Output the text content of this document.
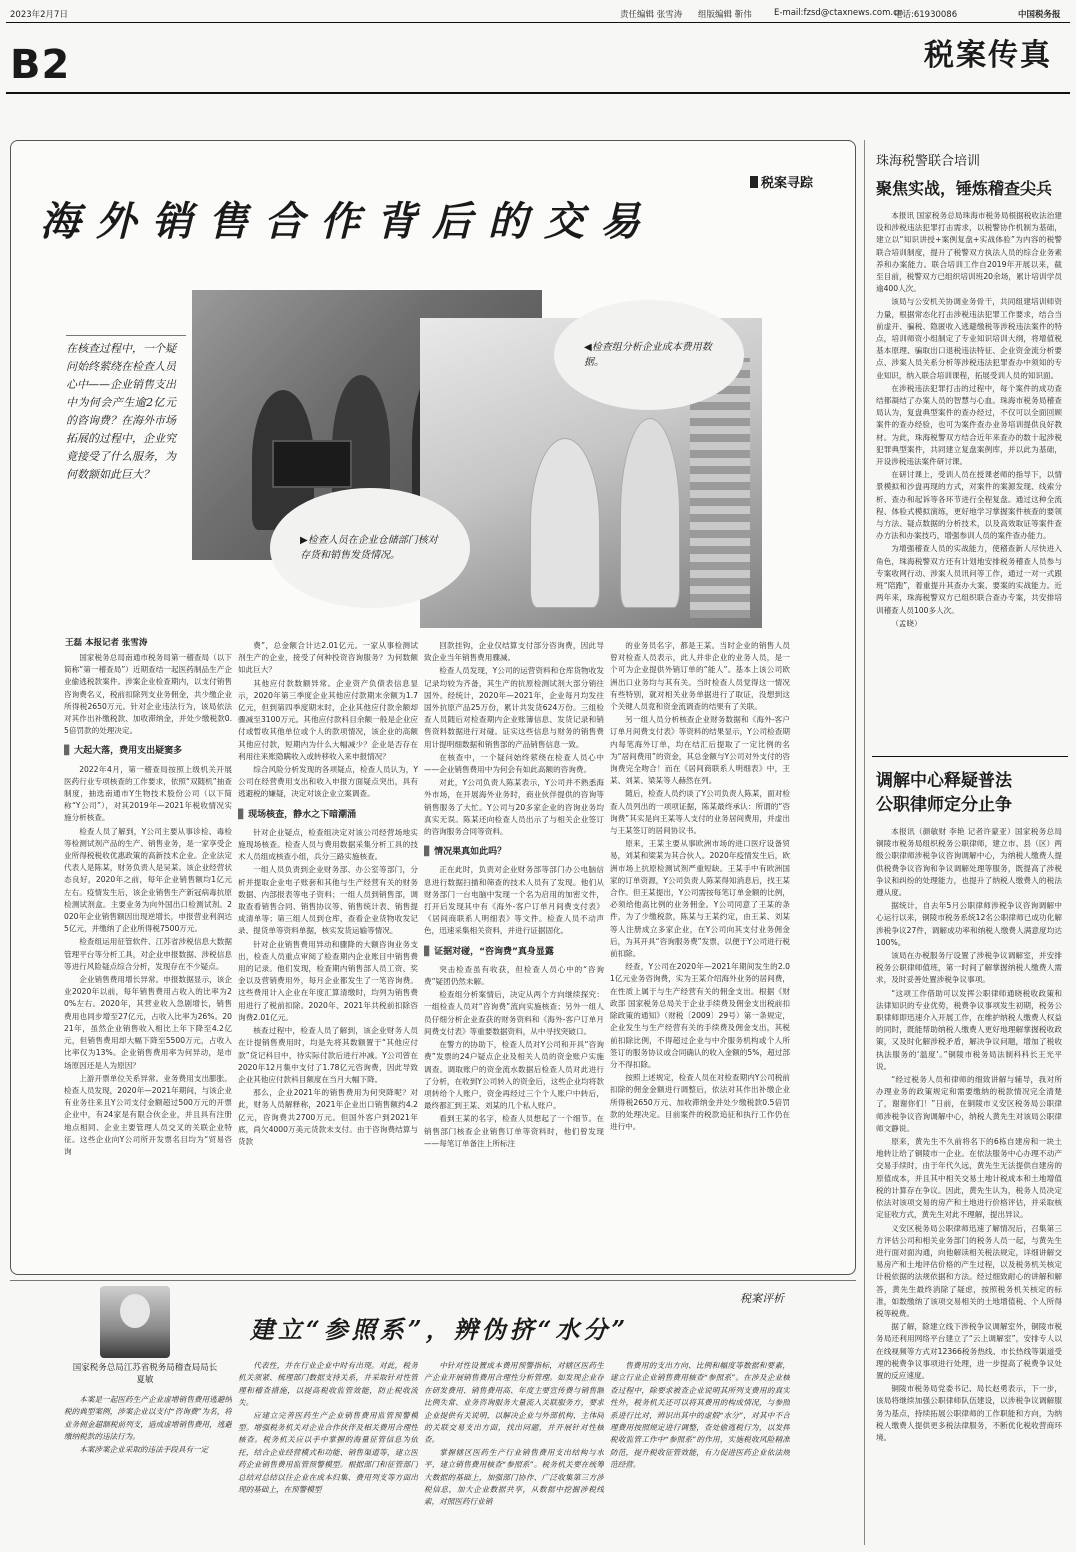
2023年2月7日	责任编辑 张雪涛 组版编辑 靳伟	E-mail:fzsd@ctaxnews.com.cn
电话:61930086	中国税务报
B2	税案传真
税案寻踪
海外销售合作背后的交易
在核查过程中，一个疑问始终萦绕在检查人员心中——企业销售支出中为何会产生逾2亿元的咨询费？在海外市场拓展的过程中，企业究竟接受了什么服务，为何数额如此巨大？
◀检查组分析企业成本费用数据。
▶检查人员在企业仓储部门核对存货和销售发货情况。
王磊 本报记者 张雪涛

国家税务总局南通市税务局第一稽查局（以下简称“第一稽查局”）近期查结一起医药制品生产企业偷逃税款案件。涉案企业检查期内，以支付销售咨询费名义，税前扣除列支业务佣金，共少缴企业所得税2650万元。针对企业违法行为，该局依法对其作出补缴税款、加收滞纳金，并处少缴税款0.5倍罚款的处理决定。

▊ 大起大落，费用支出疑窦多

2022年4月，第一稽查局按照上级机关开展医药行业专项核查的工作要求，依照“双随机”抽查制度，抽选南通市Y生物技术股份公司（以下简称“Y公司”），对其2019年—2021年税收情况实施分析核查。

检查人员了解到，Y公司主要从事诊检、毒检等检测试剂产品的生产、销售业务，是一家享受企业所得税税收优惠政策的高新技术企业。企业法定代表人是陈某，财务负责人是吴某。该企业经营状态良好，2020年之前，每年企业销售额均1亿元左右。疫情发生后，该企业销售生产新冠病毒抗原检测试剂盒。主要业务为向外国出口检测试剂。2020年企业销售额因出现逆增长，申报营业利润达5亿元，并缴纳了企业所得税7500万元。

检查组运用征管软件、江苏省涉税信息大数据管理平台等分析工具，对企业申报数据、涉税信息等进行风险疑点综合分析，发现存在不少疑点。

企业销售费用增长异常。申报数据显示，该企业2020年以前，每年销售费用占收入的比率为20%左右。2020年，其营业收入急剧增长，销售费用也同步增至27亿元，占收入比率为26%。2021年，虽然企业销售收入相比上年下降至4.2亿元，但销售费用却大幅下降至5500万元，占收入比率仅为13%。企业销售费用率为何异动，是市场原因还是人为原因？

上游开票单位关系异常。业务费用支出膨胀。检查人员发现，2020年—2021年期间，与该企业有业务往来且Y公司支付金额超过500万元的开票企业中，有24家是有限合伙企业，并且具有注册地点相同、企业主要管理人员交叉的关联企业特征。这些企业向Y公司所开发票名目均为“贸易咨询

费”，总金额合计达2.01亿元。一家从事检测试剂生产的企业，接受了何种投资咨询服务？为何数额如此巨大？

其他应付款数额异常。企业资产负债表信息显示，2020年第三季度企业其他应付款期末余额为1.7亿元，但到第四季度期末时，企业其他应付款余额却骤减至3100万元。其他应付款科目余额一般是企业应付或暂收其他单位或个人的款项情况，该企业的高额其他应付款，短期内为什么大幅减少？企业是否存在利用往来账隐瞒收入或转移收入来申报情况？

综合风险分析发现的各项疑点，检查人员认为，Y公司在经营费用支出和收入申报方面疑点突出，具有逃避税的嫌疑，决定对该企业立案调查。

▊ 现场核查，静水之下暗潮涌

针对企业疑点，检查组决定对该公司经营场地实施现场核查。检查人员与费用数据采集分析工具的技术人员组成核查小组，兵分三路实施核查。

一组人员负责到企业财务部、办公室等部门，分析并提取企业电子账套和其他与生产经营有关的财务数据、内部报表等电子资料；一组人员到销售部，调取查看销售合同、销售协议等、销售统计表、销售提成清单等；第三组人员到仓库，查看企业货物收发记录、提货单等资料单据，核实发货运输等情况。

针对企业销售费用异动和骤降的大额咨询业务支出，检查人员重点审阅了检查期内企业账目中销售费用的记录。他们发现，检查期内销售部人员工资、奖金以及营销费用外，每月企业都发生了一笔咨询费。这些费用计入企业在年度汇算清缴时，均列为销售费用进行了税前扣除。2020年、2021年共税前扣除咨询费2.01亿元。

核查过程中，检查人员了解到，该企业财务人员在计提销售费用时，均是先将其数额置于“其他应付款”贷记科目中，待实际付款后进行冲减。Y公司曾在2020年12月集中支付了1.78亿元咨询费，因此导致企业其他应付款科目额度在当月大幅下降。

那么，企业2021年的销售费用为何突降呢？对此，财务人员解释称，2021年企业出口销售额约4.2亿元，咨询费共2700万元。但国外客户到2021年底，尚欠4000万美元货款未支付。由于咨询费结算与货款

回款挂钩，企业仅结算支付部分咨询费，因此导致企业当年销售费用骤减。

检查人员发现，Y公司的运营资料和仓库货物收发记录均较为齐备，其生产的抗原检测试剂大部分销往国外。经统计，2020年—2021年，企业每月均发往国外抗原产品25万份，累计共发货624万份。三组检查人员随后对检查期内企业账簿信息、发货记录和销售资料数据进行对碰。证实这些信息与财务的销售费用计提明细数据和销售部的产品销售信息一致。

在核查中，一个疑问始终萦绕在检查人员心中——企业销售费用中为何会有如此高额的咨询费。

对此，Y公司负责人陈某表示，Y公司并不熟悉海外市场，在开展海外业务时，商业伙伴提供的咨询等销售服务了大忙。Y公司与20多家企业的咨询业务均真实无误。陈某还向检查人员出示了与相关企业签订的咨询服务合同等资料。

▊ 情况果真如此吗？

正在此时，负责对企业财务部等部门办公电脑信息进行数据扫描和筛查的技术人员有了发现。他们从财务部门一台电脑中发现一个名为启用的加密文件，打开后发现其中有《海外-客户订单月间费支付表》《居间商联系人明细表》等文件。检查人员不动声色，迅速采集相关资料，并进行证据固化。

▊ 证据对碰，“咨询费”真身显露

突击检查虽有收获，但检查人员心中的“咨询费”疑团仍然未解。

检查组分析案情后，决定从两个方向继续探究：一组检查人员对“咨询费”流向实施核查；另外一组人员仔细分析企业查获的财务资料和《海外-客户订单月间费支付表》等重要数据资料，从中寻找突破口。

在警方的协助下，检查人员对Y公司和开具“咨询费”发票的24户疑点企业及相关人员的资金账户实施调查。调取账户的资金流水数据后检查人员对此进行了分析，在收到Y公司转入的资金后，这些企业均将款项转给个人账户，资金再经过三个个人账户中转后，最终都汇到王某、刘某的几个私人账户。

看到王某的名字，检查人员想起了一个细节。在销售部门核查企业销售订单等资料时，他们曾发现——每笔订单备注上所标注

的业务员名字，都是王某。当时企业的销售人员曾对检查人员表示，此人并非企业的业务人员，是一个可为企业提供外销订单的“能人”。基本上该公司欧洲出口业务均与其有关。当时检查人员觉得这一情况有些特别，就对相关业务单据进行了取证，没想到这个关键人员竟和资金流调查的结果有了关联。

另一组人员分析核查企业财务数据和《海外-客户订单月间费支付表》等资料的结果显示，Y公司检查期内每笔海外订单，均在结汇后提取了一定比例的名为“居间费用”的资金，其总金额与Y公司对外支付的咨询费完全吻合！而在《居间商联系人明细表》中，王某、刘某、梁某等人赫然在列。

随后，检查人员约谈了Y公司负责人陈某，面对检查人员列出的一项项证据，陈某最终承认：所谓的“咨询费”其实是向王某等人支付的业务居间费用，并虚出与王某签订的居间协议书。

原来，王某主要从事欧洲市场的进口医疗设备贸易，刘某和梁某为其合伙人。2020年疫情发生后，欧洲市场上抗原检测试剂严重短缺。王某手中有欧洲国家的订单资源，Y公司负责人陈某得知消息后，找王某合作。但王某提出，Y公司需按每笔订单金额的比例，必须给他高比例的业务佣金。Y公司同意了王某的条件，为了少缴税款，陈某与王某约定，由王某、刘某等人注册成立多家企业，在Y公司向其支付业务佣金后，为其开具“咨询服务费”发票，以便于Y公司进行税前扣除。

经查，Y公司在2020年—2021年期间发生的2.01亿元业务咨询费，实为王某介绍海外业务的居间费，在性质上属于与生产经营有关的佣金支出。根据《财政部 国家税务总局关于企业手续费及佣金支出税前扣除政策的通知》（财税〔2009〕29号）第一条规定，企业发生与生产经营有关的手续费及佣金支出，其税前扣除比例，不得超过企业与中介服务机构或个人所签订的服务协议或合同确认的收入金额的5%，超过部分不得扣除。

按照上述规定，检查人员在对检查期内Y公司税前扣除的佣金金额进行调整后，依法对其作出补缴企业所得税2650万元、加收滞纳金并处少缴税款0.5倍罚款的处理决定。目前案件的税款追征和执行工作仍在进行中。

珠海税警联合培训
聚焦实战，锤炼稽查尖兵

本报讯 国家税务总局珠海市税务局根据税收法治建设和涉税违法犯罪打击需求，以税警协作机制为基础，建立以“知识讲授+案例复盘+实战体验”为内容的税警联合培训制度，提升了税警双方执法人员的综合业务素养和办案能力。联合培训工作自2019年开展以来，截至目前，税警双方已组织培训班20余场，累计培训学员逾400人次。

该局与公安机关协调业务骨干，共同组建培训师资力量，根据常态化打击涉税违法犯罪工作要求，结合当前虚开、骗税、隐匿收入逃避缴税等涉税违法案件的特点，培训师资小组制定了专业知识培训大纲，将增值税基本原理、骗取出口退税违法特征、企业资金流分析要点、涉案人员关系分析等涉税违法犯罪查办中须知的专业知识，纳入联合培训课程，拓展受训人员的知识面。

在涉税违法犯罪打击的过程中，每个案件的成功查结都凝结了办案人员的智慧与心血。珠海市税务局稽查局认为，复盘典型案件的查办经过，不仅可以全面回顾案件的查办经验，也可为案件查办业务培训提供良好教材。为此，珠海税警双方结合近年来查办的数十起涉税犯罪典型案件，共同建立复盘案例库，并以此为基础，开设涉税违法案件研讨课。

在研讨课上，受训人员在授课老师的指导下，以情景模拟和沙盘再现的方式，对案件的案源发现、线索分析、查办和起诉等各环节进行全程复盘。通过这种全流程、体验式模拟演练，更好地学习掌握案件核查的要领与方法、疑点数据的分析技术，以及高效取证等案件查办方法和办案技巧，增强参训人员的案件查办能力。

为增强稽查人员的实战能力，使稽查新人尽快进入角色，珠海税警双方还有计划地安排税务稽查人员参与专案收网行动、涉案人员讯问等工作，通过一对一式跟班“陪跑”，着重提升其查办大案、要案的实战能力。近两年来，珠海税警双方已组织联合查办专案，共安排培训稽查人员100多人次。

（孟晓）

调解中心释疑普法
公职律师定分止争

本报讯（颜敏财 李艳 记者许蒙亚）国家税务总局铜陵市税务局组织税务公职律师，建立市、县（区）两级公职律师涉税争议咨询调解中心，为纳税人缴费人提供税费争议咨询和争议调解处理等服务，既提高了涉税争议和纠纷的处理能力，也提升了纳税人缴费人的税法遵从度。

据统计，自去年5月公职律师涉税争议咨询调解中心运行以来，铜陵市税务系统12名公职律师已成功化解涉税争议27件，调解成功率和纳税人缴费人满意度均达100%。

该局在办税服务厅设置了涉税争议调解室，并安排税务公职律师值班，第一时间了解掌握纳税人缴费人需求，及时妥善处置涉税争议事项。

“这项工作借助可以发挥公职律师通晓税收政策和法律知识的专业优势，税费争议事项发生初期，税务公职律师即迅速介入开展工作，在维护纳税人缴费人权益的同时，既能帮助纳税人缴费人更好地理解掌握税收政策，又及时化解涉税矛盾，解决争议问题，增加了税收执法服务的‘温度’。”铜陵市税务局法制科科长王光平说。

“经过税务人员和律师的细致讲解与辅导，我对所办理业务的政策规定和需要缴纳的税款情况完全清楚了，谢谢你们！”日前，在铜陵市义安区税务局公职律师涉税争议咨询调解中心，纳税人黄先生对该局公职律师文静说。

原来，黄先生不久前将名下的6栋自建房和一块土地转让给了铜陵市一企业。在依法服务中心办理不动产交易手续时，由于年代久远，黄先生无法提供自建房的原值成本，并且其中相关交易土地计税成本和土地增值税的计算存在争议。因此，黄先生认为，税务人员决定依法对该项交易的房产和土地进行价格评估，并采取核定征收方式，黄先生对此不理解，提出异议。

义安区税务局公职律师迅速了解情况后，召集第三方评估公司和相关业务部门的税务人员一起，与黄先生进行面对面沟通，向他解读相关税法规定，详细讲解交易房产和土地评估价格的产生过程，以及税务机关核定计税依据的法规依据和方法。经过细致耐心的讲解和解答，黄先生最终消除了疑虑，按照税务机关核定的标准，如数缴纳了该项交易相关的土地增值税、个人所得税等税费。

据了解，除建立线下涉税争议调解室外，铜陵市税务局还利用网络平台建立了“云上调解室”，安排专人以在线视频等方式对12366税务热线、市长热线等渠道受理的税费争议事项进行处理，进一步提高了税费争议处置的反应速度。

铜陵市税务局党委书记、局长赵勇表示，下一步，该局将继续加强公职律师队伍建设，以涉税争议调解服务为基点，持续拓展公职律师的工作职能和方向，为纳税人缴费人提供更多税法律服务，不断优化税收营商环境。

国家税务总局江苏省税务局稽查局局长 夏敏
税案评析
建立“参照系”，辨伪挤“水分”

本案是一起医药生产企业虚增销售费用逃避纳税的典型案例，涉案企业以支付“咨询费”为名，将业务佣金超额税前列支，造成虚增销售费用，逃避缴纳税款的违法行为。

本案涉案企业采取的违法手段具有一定

代表性，并在行业企业中时有出现。对此，税务机关须紧、梳理部门数据支持关系，并采取针对性管理和稽查措施，以提高税收监管效能，防止税收流失。

应建立完善医药生产企业销售费用监管预警模型。增强税务机关对企业合作伙伴及相关费用合理性核查。税务机关应以手中掌握的海量征管信息为依托，结合企业经营模式和功能、销售渠道等，建立医药企业销售费用监管预警模型。根据部门和征管部门总结对总结以往企业在成本归集、费用列支等方面出现的基础上，在预警模型

中针对性设置成本费用预警指标，对辖区医药生产企业开展销售费用合理性分析管理。如发现企业存在研发费用、销售费用高、年度主要宣传费与销售额比例失常、业务咨询服务大量流入关联服务方，要求企业提供有关说明，以解决企业与外部机构、主体间的关联交易支出方面，找出问题，并开展针对性核查。

掌握辖区医药生产行业销售费用支出结构与水平，建立销售费用核查“参照系”。税务机关要在统筹大数据的基础上，加强部门协作、广泛收集第三方涉税信息，加大企业数据共享，从数据中挖掘涉税线索，对照医药行业销

售费用的支出方向、比例和幅度等数据和要素，建立行业企业销售费用核查“参照系”。在涉及企业核查过程中，除要求被查企业说明其所列支费用的真实性外，税务机关还可以将其费用的构成情况，与参照系进行比对，辨识出其中的虚假“水分”，对其中不合理费用按照规定进行调整，查处偷逃税行为，以发挥税收监管工作中“参照系”的作用，实施税收风险精准防范，提升税收征管效能，有力促进医药企业依法规范经营。
